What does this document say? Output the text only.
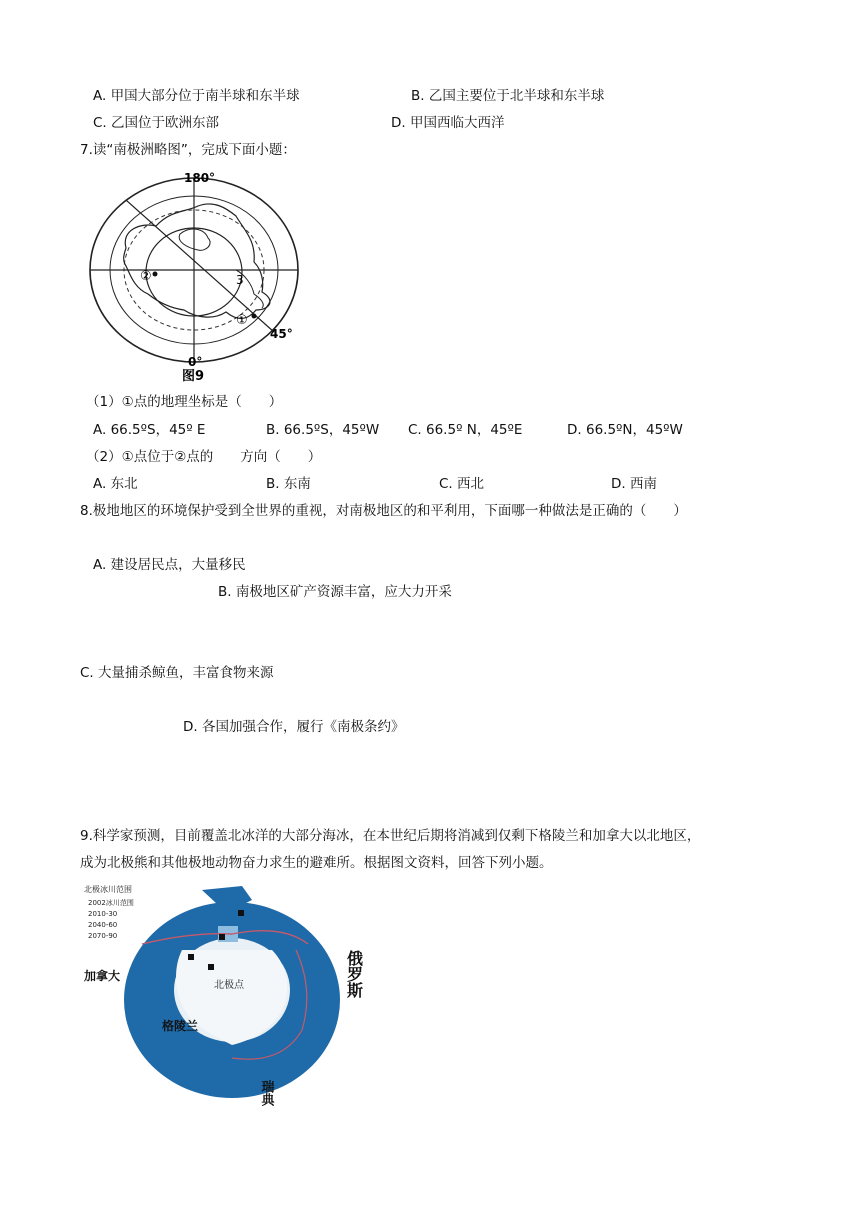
A. 甲国大部分位于南半球和东半球	B. 乙国主要位于北半球和东半球
C. 乙国位于欧洲东部	D. 甲国西临大西洋
7.读“南极洲略图”，完成下面小题：
180°
0°
45°
①
②	3
图9
（1）①点的地理坐标是（　　）
A. 66.5ºS，45º E	B. 66.5ºS，45ºW C. 66.5º N，45ºE	D. 66.5ºN，45ºW
（2）①点位于②点的　　方向（　　）
A. 东北	B. 东南	C. 西北	D. 西南
8.极地地区的环境保护受到全世界的重视，对南极地区的和平利用，下面哪一种做法是正确的（　　）
A. 建设居民点，大量移民
B. 南极地区矿产资源丰富，应大力开采
C. 大量捕杀鲸鱼，丰富食物来源
D. 各国加强合作，履行《南极条约》
9.科学家预测，目前覆盖北冰洋的大部分海冰，在本世纪后期将消减到仅剩下格陵兰和加拿大以北地区，
成为北极熊和其他极地动物奋力求生的避难所。根据图文资料，回答下列小题。
北极冰川范围
2002冰川范围
2010-30
2040-60
2070-90
加拿大
北极点
格陵兰
俄罗斯
瑞典
